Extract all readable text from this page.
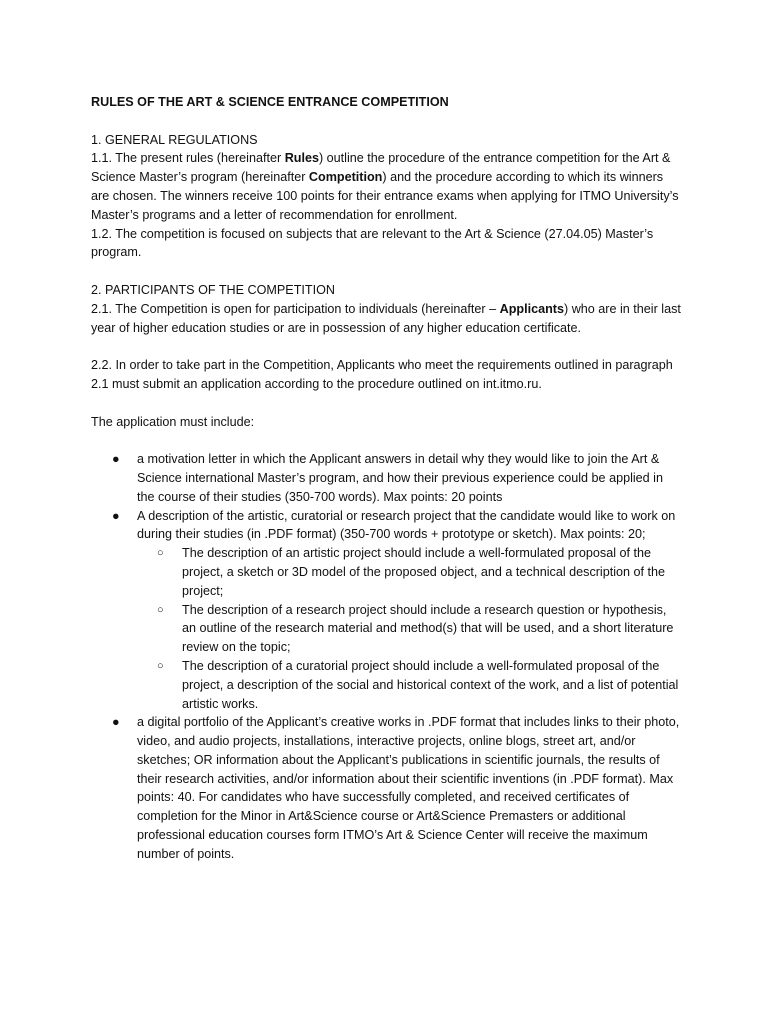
RULES OF THE ART & SCIENCE ENTRANCE COMPETITION

1. GENERAL REGULATIONS

1.1. The present rules (hereinafter Rules) outline the procedure of the entrance competition for the Art & Science Master’s program (hereinafter Competition) and the procedure according to which its winners are chosen. The winners receive 100 points for their entrance exams when applying for ITMO University’s Master’s programs and a letter of recommendation for enrollment.

1.2. The competition is focused on subjects that are relevant to the Art & Science (27.04.05) Master’s program.

2. PARTICIPANTS OF THE COMPETITION

2.1. The Competition is open for participation to individuals (hereinafter – Applicants) who are in their last year of higher education studies or are in possession of any higher education certificate.

2.2. In order to take part in the Competition, Applicants who meet the requirements outlined in paragraph 2.1 must submit an application according to the procedure outlined on int.itmo.ru.

The application must include:

● a motivation letter in which the Applicant answers in detail why they would like to join the Art & Science international Master’s program, and how their previous experience could be applied in the course of their studies (350-700 words). Max points: 20 points
● A description of the artistic, curatorial or research project that the candidate would like to work on during their studies (in .PDF format) (350-700 words + prototype or sketch). Max points: 20;
○ The description of an artistic project should include a well-formulated proposal of the project, a sketch or 3D model of the proposed object, and a technical description of the project;
○ The description of a research project should include a research question or hypothesis, an outline of the research material and method(s) that will be used, and a short literature review on the topic;
○ The description of a curatorial project should include a well-formulated proposal of the project, a description of the social and historical context of the work, and a list of potential artistic works.
● a digital portfolio of the Applicant’s creative works in .PDF format that includes links to their photo, video, and audio projects, installations, interactive projects, online blogs, street art, and/or sketches; OR information about the Applicant’s publications in scientific journals, the results of their research activities, and/or information about their scientific inventions (in .PDF format). Max points: 40. For candidates who have successfully completed, and received certificates of completion for the Minor in Art&Science course or Art&Science Premasters or additional professional education courses form ITMO’s Art & Science Center will receive the maximum number of points.
